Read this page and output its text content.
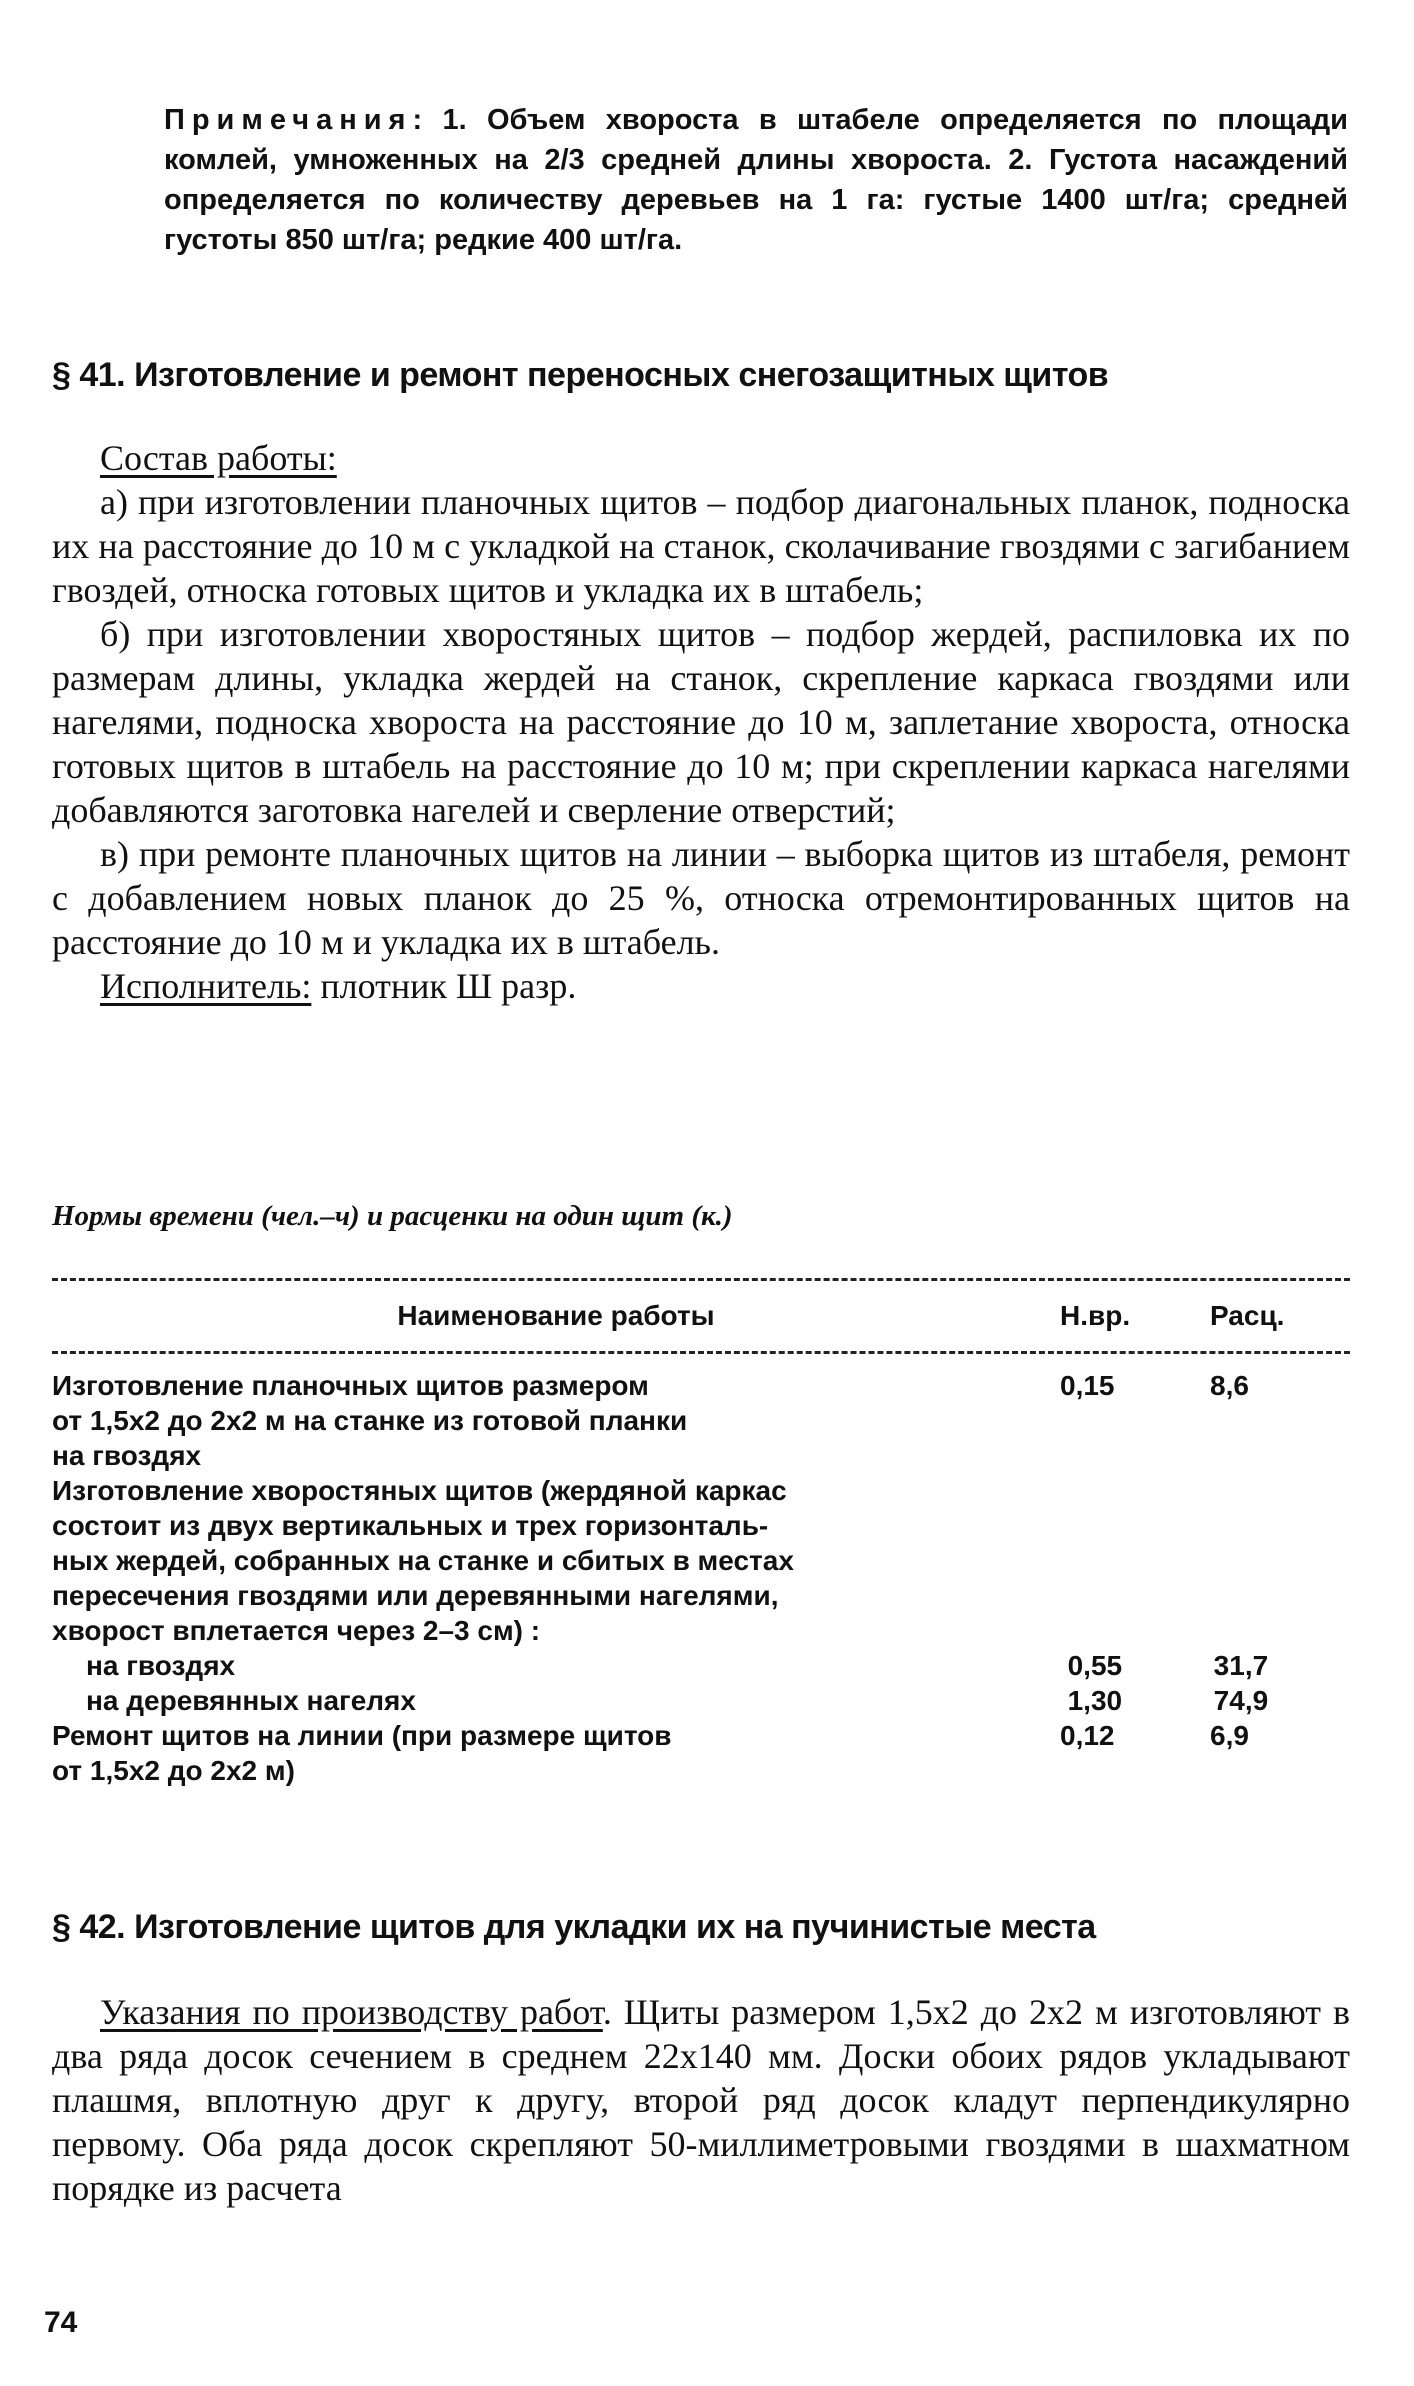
Примечания: 1. Объем хвороста в штабеле определяется по площади комлей, умноженных на 2/3 средней длины хвороста. 2. Густота насаждений определяется по количеству деревьев на 1 га: густые 1400 шт/га; средней густоты 850 шт/га; редкие 400 шт/га.
§ 41. Изготовление и ремонт переносных снегозащитных щитов

Состав работы:

а) при изготовлении планочных щитов – подбор диагональных планок, подноска их на расстояние до 10 м с укладкой на станок, сколачивание гвоздями с загибанием гвоздей, относка готовых щитов и укладка их в штабель;

б) при изготовлении хворостяных щитов – подбор жердей, распиловка их по размерам длины, укладка жердей на станок, скрепление каркаса гвоздями или нагелями, подноска хвороста на расстояние до 10 м, заплетание хвороста, относка готовых щитов в штабель на расстояние до 10 м; при скреплении каркаса нагелями добавляются заготовка нагелей и сверление отверстий;

в) при ремонте планочных щитов на линии – выборка щитов из штабеля, ремонт с добавлением новых планок до 25 %, относка отремонтированных щитов на расстояние до 10 м и укладка их в штабель.

Исполнитель: плотник Ш разр.

Нормы времени (чел.–ч) и расценки на один щит (к.)
Наименование работы	Н.вр.	Расц.
Изготовление планочных щитов размером	0,15	8,6
от 1,5х2 до 2х2 м на станке из готовой планки
на гвоздях
Изготовление хворостяных щитов (жердяной каркас
состоит из двух вертикальных и трех горизонталь-
ных жердей, собранных на станке и сбитых в местах
пересечения гвоздями или деревянными нагелями,
хворост вплетается через 2–3 см) :
на гвоздях	0,55	31,7
на деревянных нагелях	1,30	74,9
Ремонт щитов на линии (при размере щитов	0,12	6,9
от 1,5х2 до 2х2 м)
§ 42. Изготовление щитов для укладки их на пучинистые места

Указания по производству работ. Щиты размером 1,5х2 до 2х2 м изготовляют в два ряда досок сечением в среднем 22х140 мм. Доски обоих рядов укладывают плашмя, вплотную друг к другу, второй ряд досок кладут перпендикулярно первому. Оба ряда досок скрепляют 50-миллиметровыми гвоздями в шахматном порядке из расчета

74
